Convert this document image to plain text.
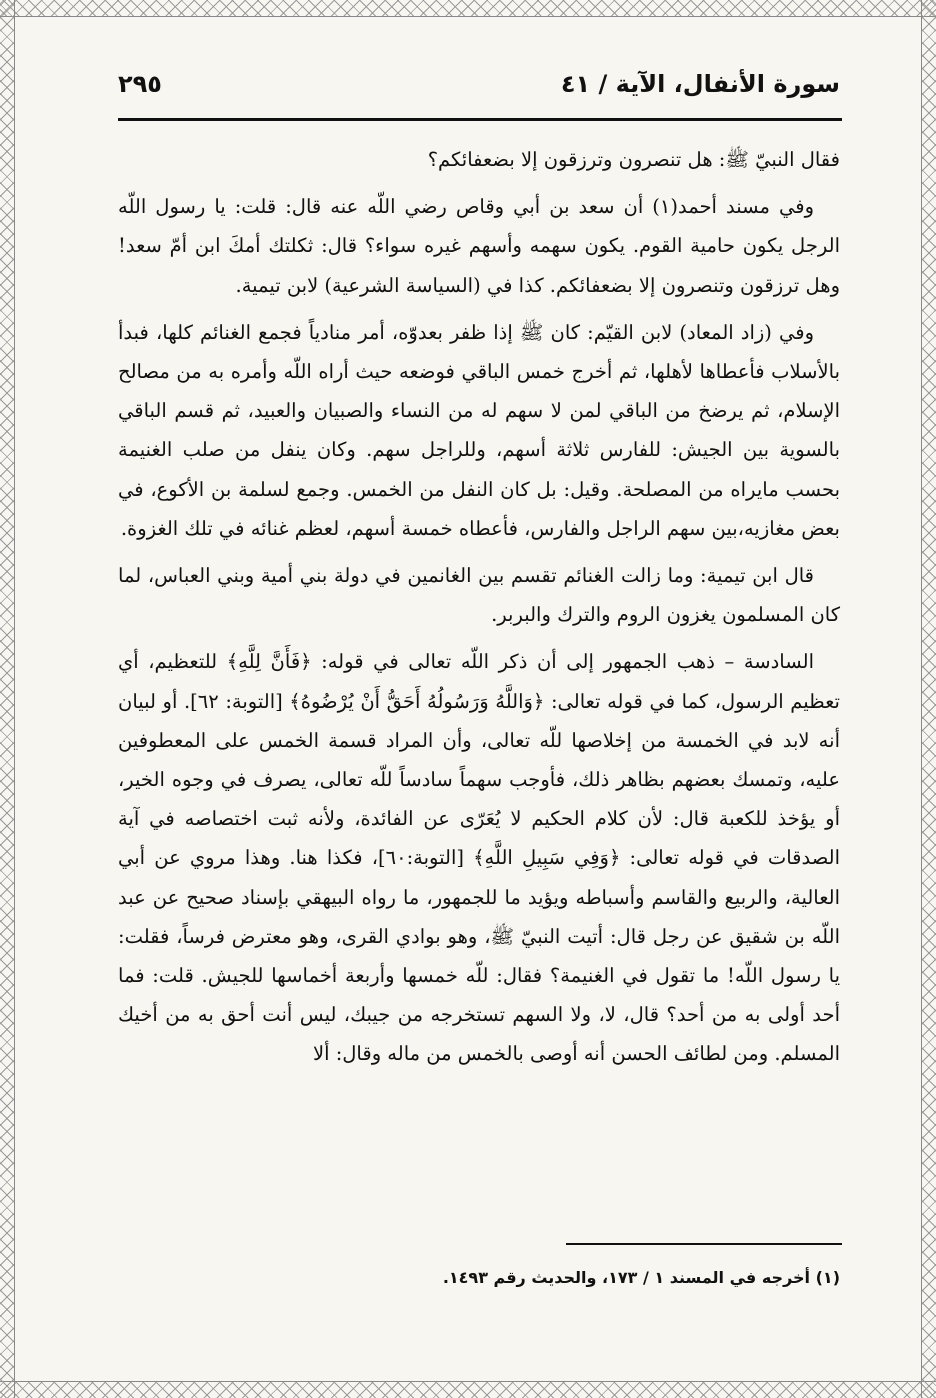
سورة الأنفال، الآية / ٤١
٢٩٥

فقال النبيّ ﷺ: هل تنصرون وترزقون إلا بضعفائكم؟

وفي مسند أحمد(١) أن سعد بن أبي وقاص رضي اللّه عنه قال: قلت: يا رسول اللّه الرجل يكون حامية القوم. يكون سهمه وأسهم غيره سواء؟ قال: ثكلتك أمكَ ابن أمّ سعد! وهل ترزقون وتنصرون إلا بضعفائكم. كذا في (السياسة الشرعية) لابن تيمية.

وفي (زاد المعاد) لابن القيّم: كان ﷺ إذا ظفر بعدوّه، أمر منادياً فجمع الغنائم كلها، فبدأ بالأسلاب فأعطاها لأهلها، ثم أخرج خمس الباقي فوضعه حيث أراه اللّه وأمره به من مصالح الإسلام، ثم يرضخ من الباقي لمن لا سهم له من النساء والصبيان والعبيد، ثم قسم الباقي بالسوية بين الجيش: للفارس ثلاثة أسهم، وللراجل سهم. وكان ينفل من صلب الغنيمة بحسب مايراه من المصلحة. وقيل: بل كان النفل من الخمس. وجمع لسلمة بن الأكوع، في بعض مغازيه،بين سهم الراجل والفارس، فأعطاه خمسة أسهم، لعظم غنائه في تلك الغزوة.

قال ابن تيمية: وما زالت الغنائم تقسم بين الغانمين في دولة بني أمية وبني العباس، لما كان المسلمون يغزون الروم والترك والبربر.

السادسة – ذهب الجمهور إلى أن ذكر اللّه تعالى في قوله: ﴿فَأَنَّ لِلَّهِ﴾ للتعظيم، أي تعظيم الرسول، كما في قوله تعالى: ﴿وَاللَّهُ وَرَسُولُهُ أَحَقُّ أَنْ يُرْضُوهُ﴾ [التوبة: ٦٢]. أو لبيان أنه لابد في الخمسة من إخلاصها للّه تعالى، وأن المراد قسمة الخمس على المعطوفين عليه، وتمسك بعضهم بظاهر ذلك، فأوجب سهماً سادساً للّه تعالى، يصرف في وجوه الخير، أو يؤخذ للكعبة قال: لأن كلام الحكيم لا يُعَرّى عن الفائدة، ولأنه ثبت اختصاصه في آية الصدقات في قوله تعالى: ﴿وَفِي سَبِيلِ اللَّهِ﴾ [التوبة:٦٠]، فكذا هنا. وهذا مروي عن أبي العالية، والربيع والقاسم وأسباطه ويؤيد ما للجمهور، ما رواه البيهقي بإسناد صحيح عن عبد اللّه بن شقيق عن رجل قال: أتيت النبيّ ﷺ، وهو بوادي القرى، وهو معترض فرساً، فقلت: يا رسول اللّه! ما تقول في الغنيمة؟ فقال: للّه خمسها وأربعة أخماسها للجيش. قلت: فما أحد أولى به من أحد؟ قال، لا، ولا السهم تستخرجه من جيبك، ليس أنت أحق به من أخيك المسلم. ومن لطائف الحسن أنه أوصى بالخمس من ماله وقال: ألا

(١) أخرجه في المسند ١ / ١٧٣، والحديث رقم ١٤٩٣.
